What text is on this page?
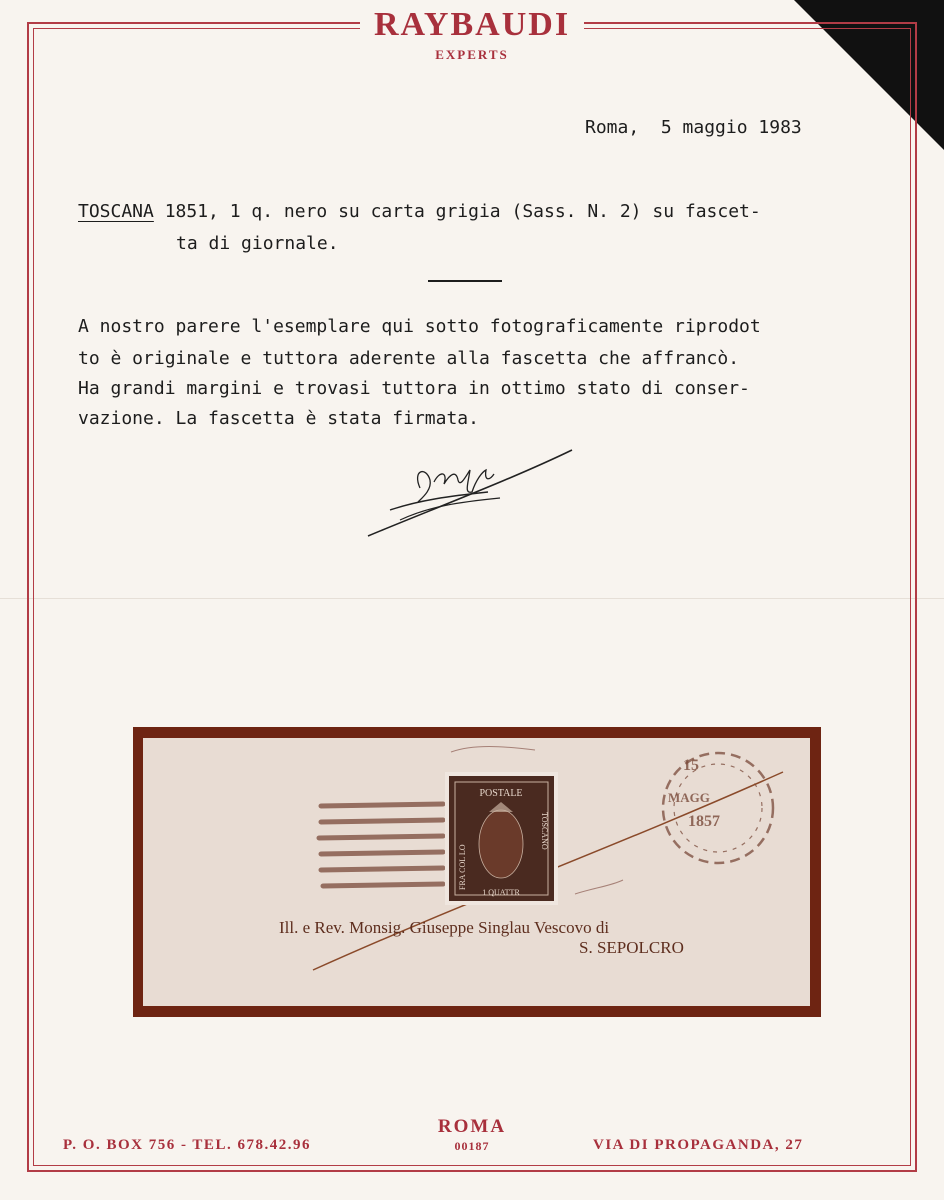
RAYBAUDI
EXPERTS
Roma,  5 maggio 1983
TOSCANA 1851, 1 q. nero su carta grigia (Sass. N. 2) su fascet-
ta di giornale.
A nostro parere l'esemplare qui sotto fotograficamente riprodot
to è originale e tuttora aderente alla fascetta che affrancò.
Ha grandi margini e trovasi tuttora in ottimo stato di conser-
vazione. La fascetta è stata firmata.
15
MAGG
1857
POSTALE
1 QUATTR
FRA COL LO
TOSCANO
Ill. e Rev. Monsig. Giuseppe Singlau Vescovo di
S. SEPOLCRO
ROMA
00187
P. O. BOX 756 - TEL. 678.42.96	VIA DI PROPAGANDA, 27
